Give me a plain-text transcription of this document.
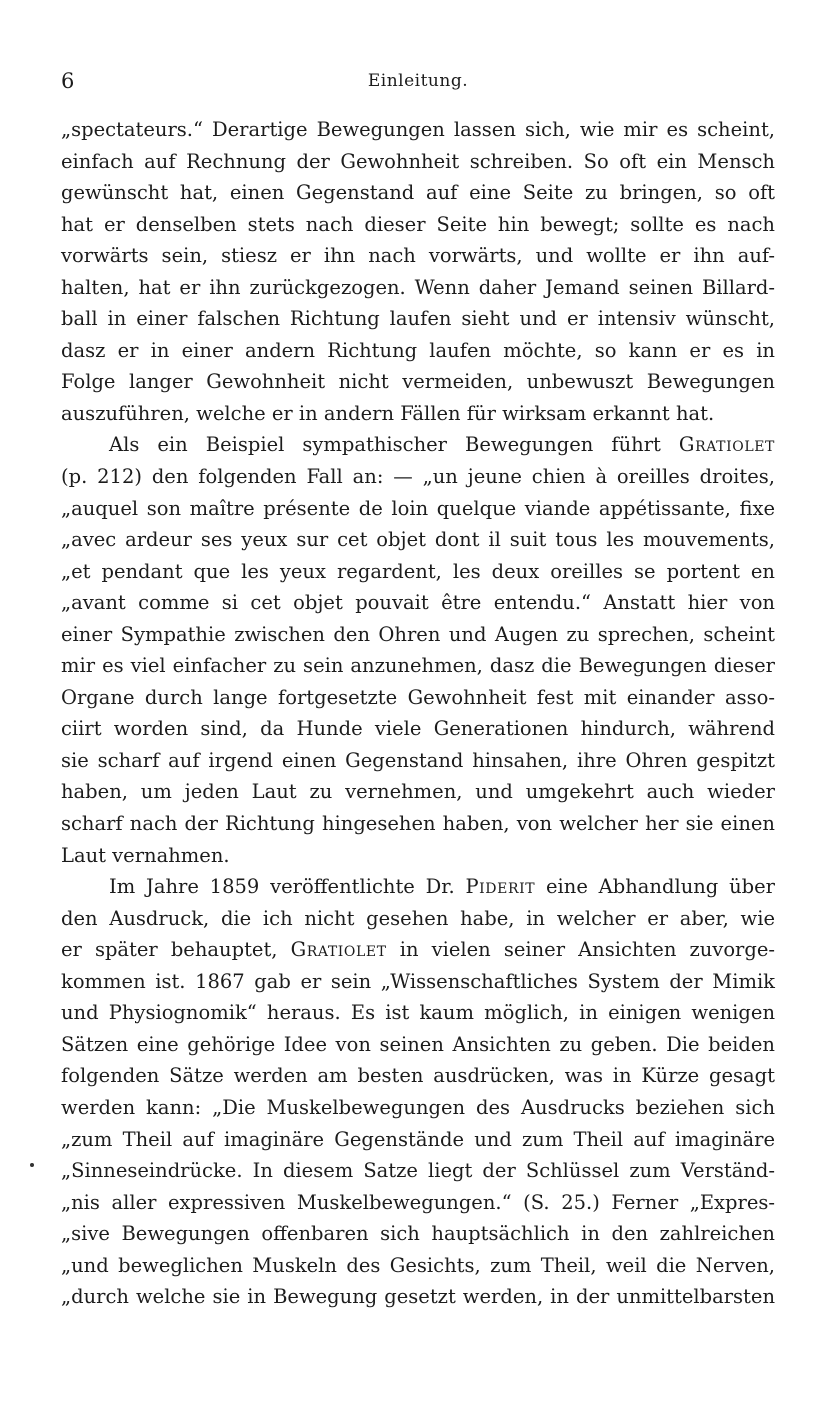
6	Einleitung.
„spectateurs.“ Derartige Bewegungen lassen sich, wie mir es scheint,
einfach auf Rechnung der Gewohnheit schreiben. So oft ein Mensch
gewünscht hat, einen Gegenstand auf eine Seite zu bringen, so oft
hat er denselben stets nach dieser Seite hin bewegt; sollte es nach
vorwärts sein, stiesz er ihn nach vorwärts, und wollte er ihn auf-
halten, hat er ihn zurückgezogen. Wenn daher Jemand seinen Billard-
ball in einer falschen Richtung laufen sieht und er intensiv wünscht,
dasz er in einer andern Richtung laufen möchte, so kann er es in
Folge langer Gewohnheit nicht vermeiden, unbewuszt Bewegungen
auszuführen, welche er in andern Fällen für wirksam erkannt hat.
Als ein Beispiel sympathischer Bewegungen führt Gratiolet
(p. 212) den folgenden Fall an: — „un jeune chien à oreilles droites,
„auquel son maître présente de loin quelque viande appétissante, fixe
„avec ardeur ses yeux sur cet objet dont il suit tous les mouvements,
„et pendant que les yeux regardent, les deux oreilles se portent en
„avant comme si cet objet pouvait être entendu.“ Anstatt hier von
einer Sympathie zwischen den Ohren und Augen zu sprechen, scheint
mir es viel einfacher zu sein anzunehmen, dasz die Bewegungen dieser
Organe durch lange fortgesetzte Gewohnheit fest mit einander asso-
ciirt worden sind, da Hunde viele Generationen hindurch, während
sie scharf auf irgend einen Gegenstand hinsahen, ihre Ohren gespitzt
haben, um jeden Laut zu vernehmen, und umgekehrt auch wieder
scharf nach der Richtung hingesehen haben, von welcher her sie einen
Laut vernahmen.
Im Jahre 1859 veröffentlichte Dr. Piderit eine Abhandlung über
den Ausdruck, die ich nicht gesehen habe, in welcher er aber, wie
er später behauptet, Gratiolet in vielen seiner Ansichten zuvorge-
kommen ist. 1867 gab er sein „Wissenschaftliches System der Mimik
und Physiognomik“ heraus. Es ist kaum möglich, in einigen wenigen
Sätzen eine gehörige Idee von seinen Ansichten zu geben. Die beiden
folgenden Sätze werden am besten ausdrücken, was in Kürze gesagt
werden kann: „Die Muskelbewegungen des Ausdrucks beziehen sich
„zum Theil auf imaginäre Gegenstände und zum Theil auf imaginäre
„Sinneseindrücke. In diesem Satze liegt der Schlüssel zum Verständ-
„nis aller expressiven Muskelbewegungen.“ (S. 25.) Ferner „Expres-
„sive Bewegungen offenbaren sich hauptsächlich in den zahlreichen
„und beweglichen Muskeln des Gesichts, zum Theil, weil die Nerven,
„durch welche sie in Bewegung gesetzt werden, in der unmittelbarsten
